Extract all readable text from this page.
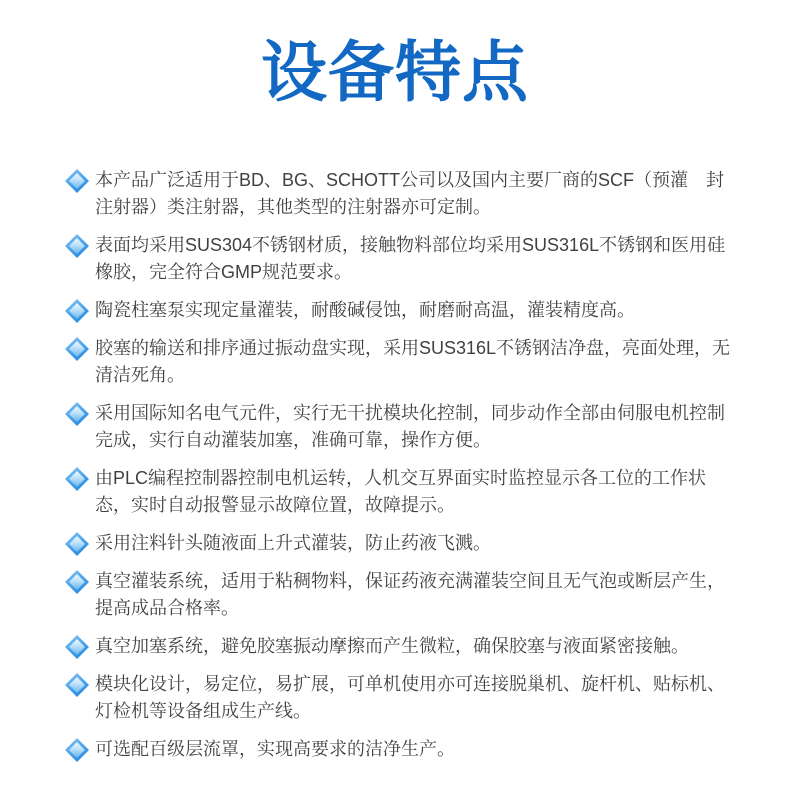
设备特点
本产品广泛适用于BD、BG、SCHOTT公司以及国内主要厂商的SCF（预灌　封注射器）类注射器，其他类型的注射器亦可定制。
表面均采用SUS304不锈钢材质，接触物料部位均采用SUS316L不锈钢和医用硅橡胶，完全符合GMP规范要求。
陶瓷柱塞泵实现定量灌装，耐酸碱侵蚀，耐磨耐高温，灌装精度高。
胶塞的输送和排序通过振动盘实现，采用SUS316L不锈钢洁净盘，亮面处理，无清洁死角。
采用国际知名电气元件，实行无干扰模块化控制，同步动作全部由伺服电机控制完成，实行自动灌装加塞，准确可靠，操作方便。
由PLC编程控制器控制电机运转，人机交互界面实时监控显示各工位的工作状态，实时自动报警显示故障位置，故障提示。
采用注料针头随液面上升式灌装，防止药液飞溅。
真空灌装系统，适用于粘稠物料，保证药液充满灌装空间且无气泡或断层产生，提高成品合格率。
真空加塞系统，避免胶塞振动摩擦而产生微粒，确保胶塞与液面紧密接触。
模块化设计，易定位，易扩展，可单机使用亦可连接脱巢机、旋杆机、贴标机、灯检机等设备组成生产线。
可选配百级层流罩，实现高要求的洁净生产。
